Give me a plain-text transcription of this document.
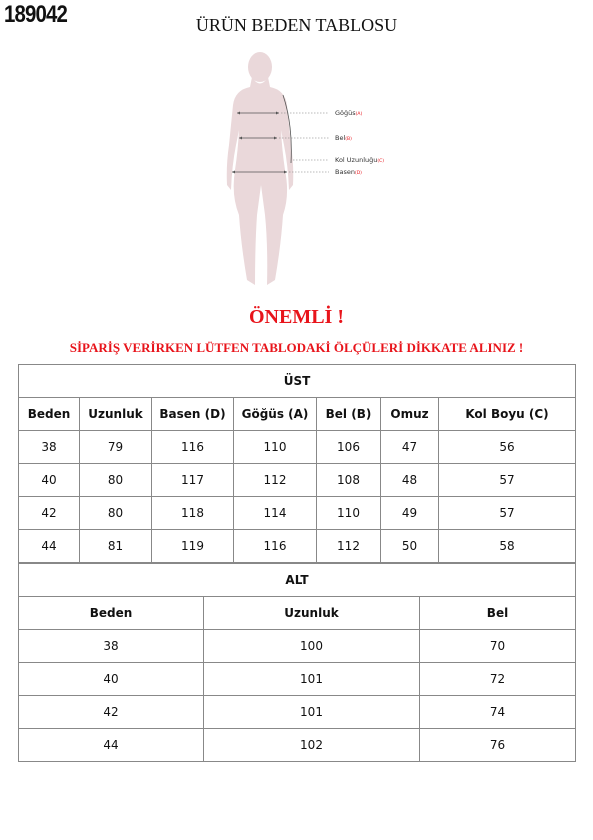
189042	ÜRÜN BEDEN TABLOSU
Göğüs(A)
Bel(B)
Kol Uzunluğu(C)
Basen(D)
ÖNEMLİ !
SİPARİŞ VERİRKEN LÜTFEN TABLODAKİ ÖLÇÜLERİ DİKKATE ALINIZ !
ÜST						
Beden	Uzunluk	Basen (D)	Göğüs (A)	Bel (B)	Omuz	Kol Boyu (C)
38	79	116	110	106	47	56
40	80	117	112	108	48	57
42	80	118	114	110	49	57
44	81	119	116	112	50	58
ALT		
Beden	Uzunluk	Bel
38	100	70
40	101	72
42	101	74
44	102	76
